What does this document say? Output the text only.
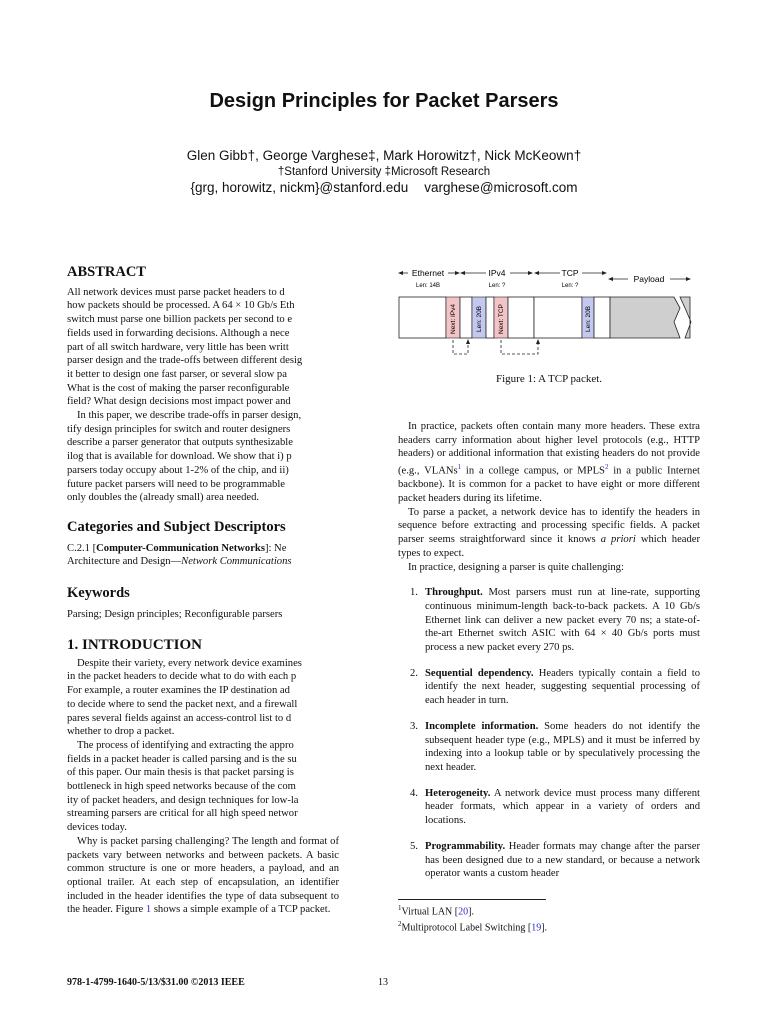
Design Principles for Packet Parsers
Glen Gibb†, George Varghese‡, Mark Horowitz†, Nick McKeown†
†Stanford University ‡Microsoft Research
{grg, horowitz, nickm}@stanford.edu varghese@microsoft.com
ABSTRACT
All network devices must parse packet headers to d
how packets should be processed. A 64 × 10 Gb/s Eth
switch must parse one billion packets per second to e
fields used in forwarding decisions. Although a nece
part of all switch hardware, very little has been writt
parser design and the trade-offs between different desig
it better to design one fast parser, or several slow pa
What is the cost of making the parser reconfigurable
field? What design decisions most impact power and
In this paper, we describe trade-offs in parser design,
tify design principles for switch and router designers
describe a parser generator that outputs synthesizable
ilog that is available for download. We show that i) p
parsers today occupy about 1-2% of the chip, and ii)
future packet parsers will need to be programmable
only doubles the (already small) area needed.
Categories and Subject Descriptors
C.2.1 [Computer-Communication Networks]: Ne
Architecture and Design—Network Communications
Keywords
Parsing; Design principles; Reconfigurable parsers
1. INTRODUCTION
Despite their variety, every network device examines
in the packet headers to decide what to do with each p
For example, a router examines the IP destination ad
to decide where to send the packet next, and a firewall
pares several fields against an access-control list to d
whether to drop a packet.
The process of identifying and extracting the appro
fields in a packet header is called parsing and is the su
of this paper. Our main thesis is that packet parsing is
bottleneck in high speed networks because of the com
ity of packet headers, and design techniques for low-la
streaming parsers are critical for all high speed networ
devices today.

Why is packet parsing challenging? The length and format of packets vary between networks and between packets. A basic common structure is one or more headers, a payload, and an optional trailer. At each step of encapsulation, an identifier included in the header identifies the type of data subsequent to the header. Figure 1 shows a simple example of a TCP packet.

Ethernet	IPv4	TCP
Payload
Len: 14B	Len: ?	Len: ?
Next: IPv4	Len: 20B Next: TCP	Len: 20B
Figure 1: A TCP packet.

In practice, packets often contain many more headers. These extra headers carry information about higher level protocols (e.g., HTTP headers) or additional information that existing headers do not provide (e.g., VLANs$^1$ in a college campus, or MPLS$^2$ in a public Internet backbone). It is common for a packet to have eight or more different packet headers during its lifetime.

To parse a packet, a network device has to identify the headers in sequence before extracting and processing specific fields. A packet parser seems straightforward since it knows a priori which header types to expect.

In practice, designing a parser is quite challenging:

1. Throughput. Most parsers must run at line-rate, supporting continuous minimum-length back-to-back packets. A 10 Gb/s Ethernet link can deliver a new packet every 70 ns; a state-of-the-art Ethernet switch ASIC with 64 × 40 Gb/s ports must process a new packet every 270 ps.
2. Sequential dependency. Headers typically contain a field to identify the next header, suggesting sequential processing of each header in turn.
3. Incomplete information. Some headers do not identify the subsequent header type (e.g., MPLS) and it must be inferred by indexing into a lookup table or by speculatively processing the next header.
4. Heterogeneity. A network device must process many different header formats, which appear in a variety of orders and locations.
5. Programmability. Header formats may change after the parser has been designed due to a new standard, or because a network operator wants a custom header
$^1$Virtual LAN [20].
$^2$Multiprotocol Label Switching [19].
978-1-4799-1640-5/13/$31.00 ©2013 IEEE	13
